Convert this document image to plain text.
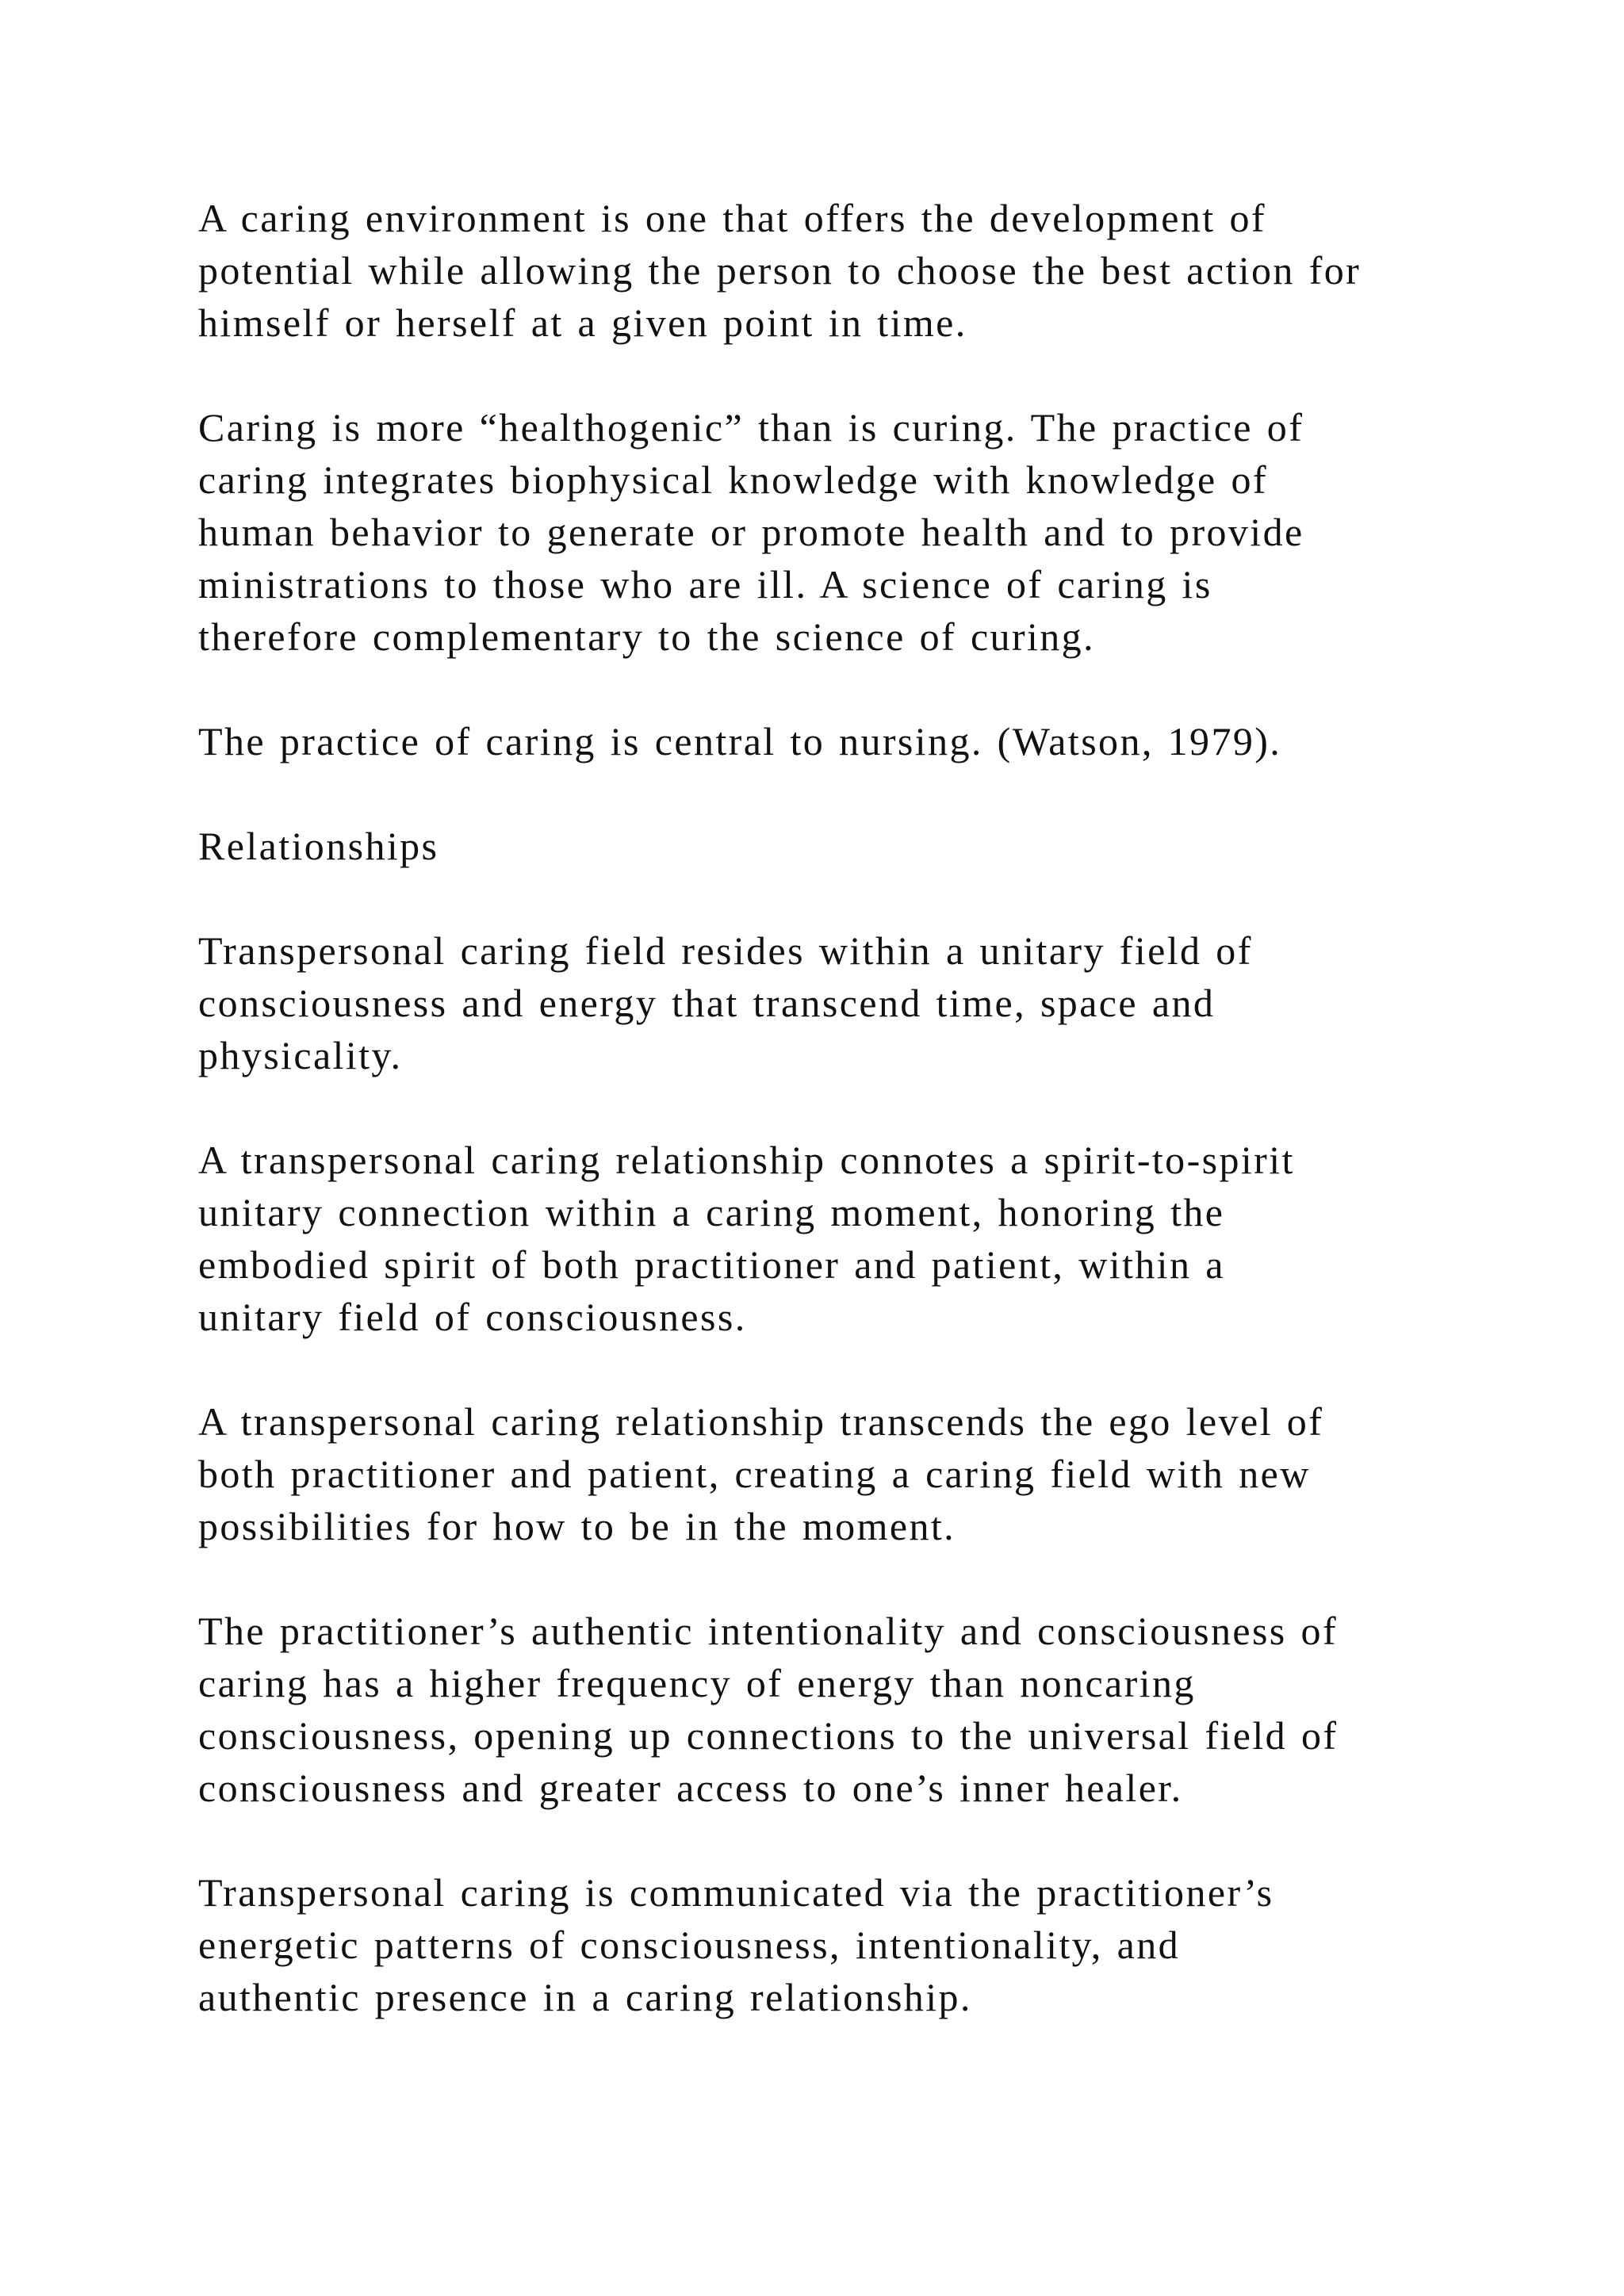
A caring environment is one that offers the development of
potential while allowing the person to choose the best action for
himself or herself at a given point in time.
Caring is more “healthogenic” than is curing. The practice of
caring integrates biophysical knowledge with knowledge of
human behavior to generate or promote health and to provide
ministrations to those who are ill. A science of caring is
therefore complementary to the science of curing.
The practice of caring is central to nursing. (Watson, 1979).
Relationships
Transpersonal caring field resides within a unitary field of
consciousness and energy that transcend time, space and
physicality.
A transpersonal caring relationship connotes a spirit-to-spirit
unitary connection within a caring moment, honoring the
embodied spirit of both practitioner and patient, within a
unitary field of consciousness.
A transpersonal caring relationship transcends the ego level of
both practitioner and patient, creating a caring field with new
possibilities for how to be in the moment.
The practitioner’s authentic intentionality and consciousness of
caring has a higher frequency of energy than noncaring
consciousness, opening up connections to the universal field of
consciousness and greater access to one’s inner healer.
Transpersonal caring is communicated via the practitioner’s
energetic patterns of consciousness, intentionality, and
authentic presence in a caring relationship.
